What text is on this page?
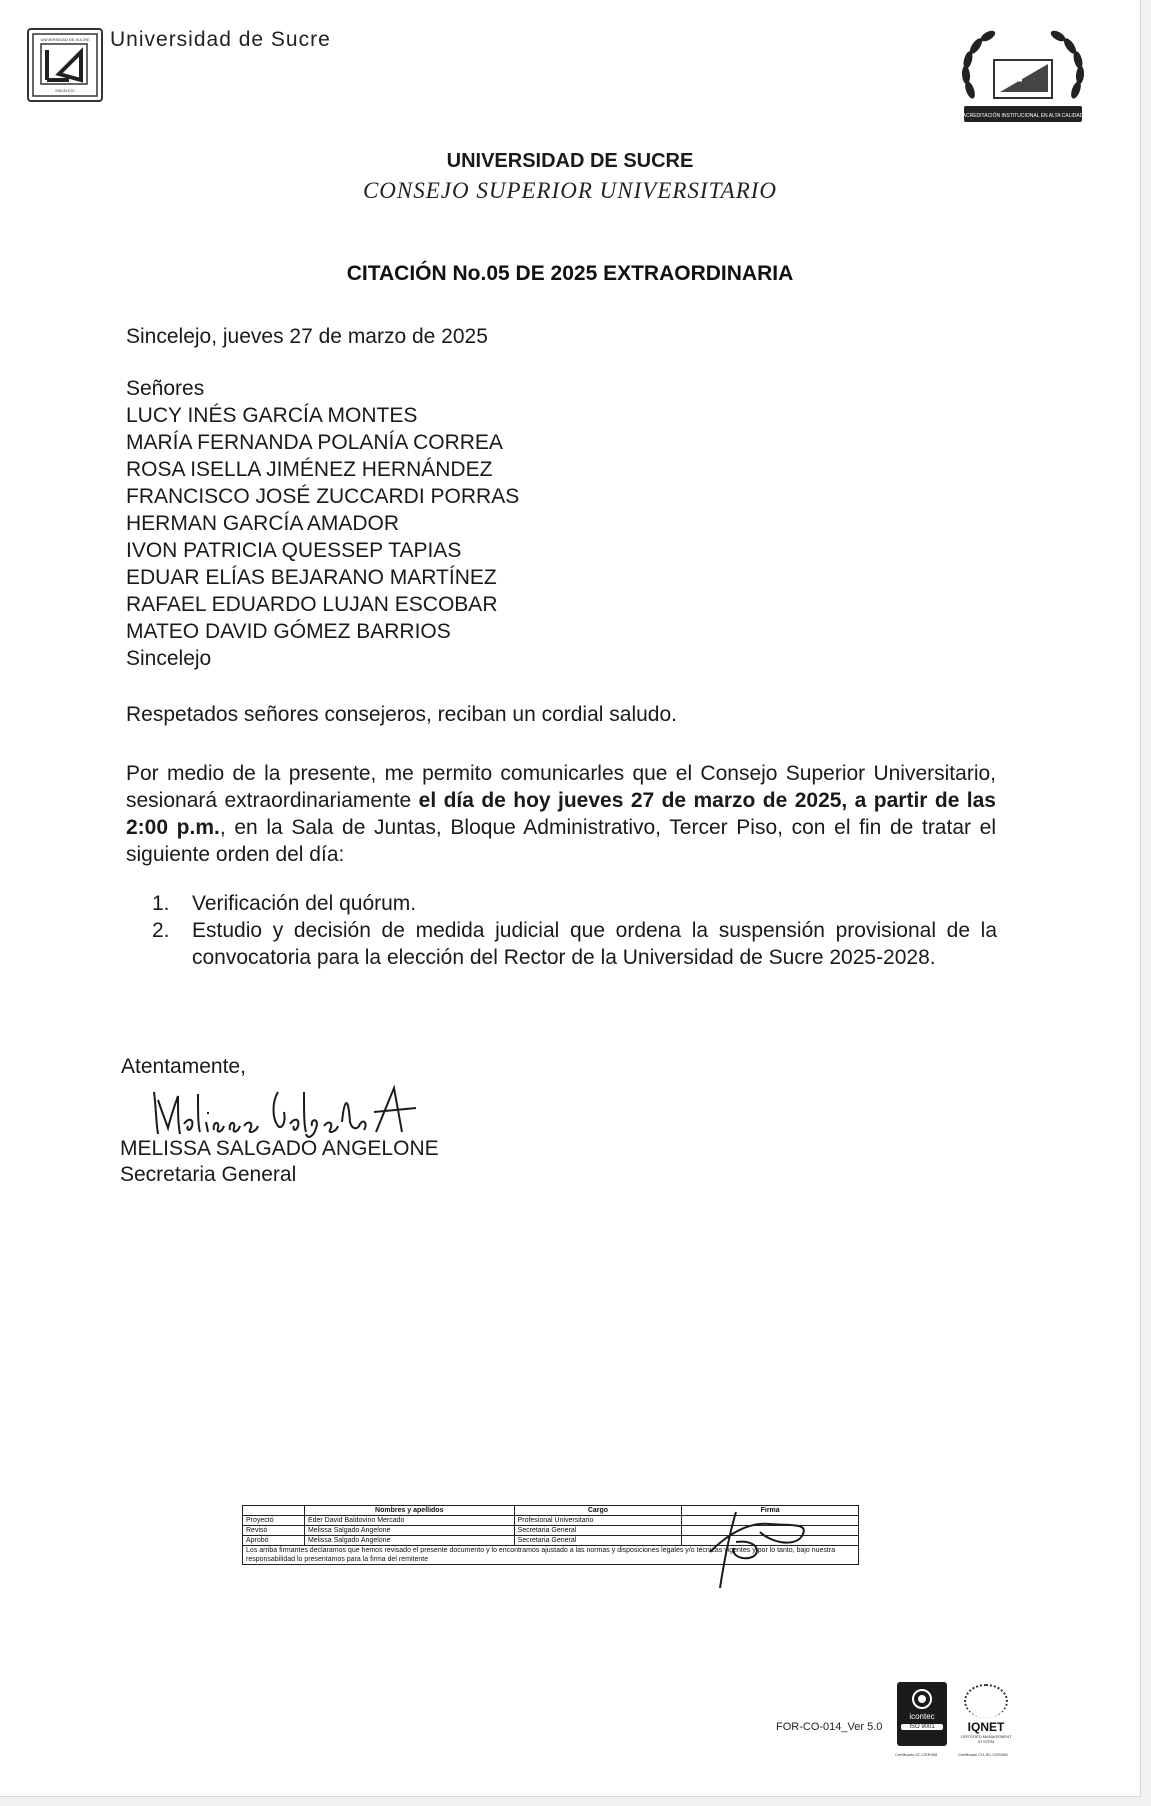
UNIVERSIDAD DE SUCRE
SINCELEJO
Universidad de Sucre
ACREDITACIÓN INSTITUCIONAL EN ALTA CALIDAD
UNIVERSIDAD DE SUCRE
CONSEJO SUPERIOR UNIVERSITARIO
CITACIÓN No.05 DE 2025 EXTRAORDINARIA
Sincelejo, jueves 27 de marzo de 2025
Señores
LUCY INÉS GARCÍA MONTES
MARÍA FERNANDA POLANÍA CORREA
ROSA ISELLA JIMÉNEZ HERNÁNDEZ
FRANCISCO JOSÉ ZUCCARDI PORRAS
HERMAN GARCÍA AMADOR
IVON PATRICIA QUESSEP TAPIAS
EDUAR ELÍAS BEJARANO MARTÍNEZ
RAFAEL EDUARDO LUJAN ESCOBAR
MATEO DAVID GÓMEZ BARRIOS
Sincelejo
Respetados señores consejeros, reciban un cordial saludo.
Por medio de la presente, me permito comunicarles que el Consejo Superior Universitario, sesionará extraordinariamente el día de hoy jueves 27 de marzo de 2025, a partir de las 2:00 p.m., en la Sala de Juntas, Bloque Administrativo, Tercer Piso, con el fin de tratar el siguiente orden del día:
1.	Verificación del quórum.
2.	Estudio y decisión de medida judicial que ordena la suspensión provisional de la convocatoria para la elección del Rector de la Universidad de Sucre 2025-2028.
Atentamente,
MELISSA SALGADO ANGELONE
Secretaria General
	Nombres y apellidos	Cargo	Firma
Proyectó	Eder David Baldovino Mercado	Profesional Universitario	
Revisó	Melissa Salgado Angelone	Secretaria General	
Aprobó	Melissa Salgado Angelone	Secretaria General	
Los arriba firmantes declaramos que hemos revisado el presente documento y lo encontramos ajustado a las normas y disposiciones legales y/o técnicas vigentes y por lo tanto, bajo nuestra responsabilidad lo presentamos para la firma del remitente			
FOR-CO-014_Ver 5.0
icontec
ISO 9001
Certificado SC-CER498
IQNET
CERTIFIED MANAGEMENT SYSTEM
Certificado CO-SC-CER498
